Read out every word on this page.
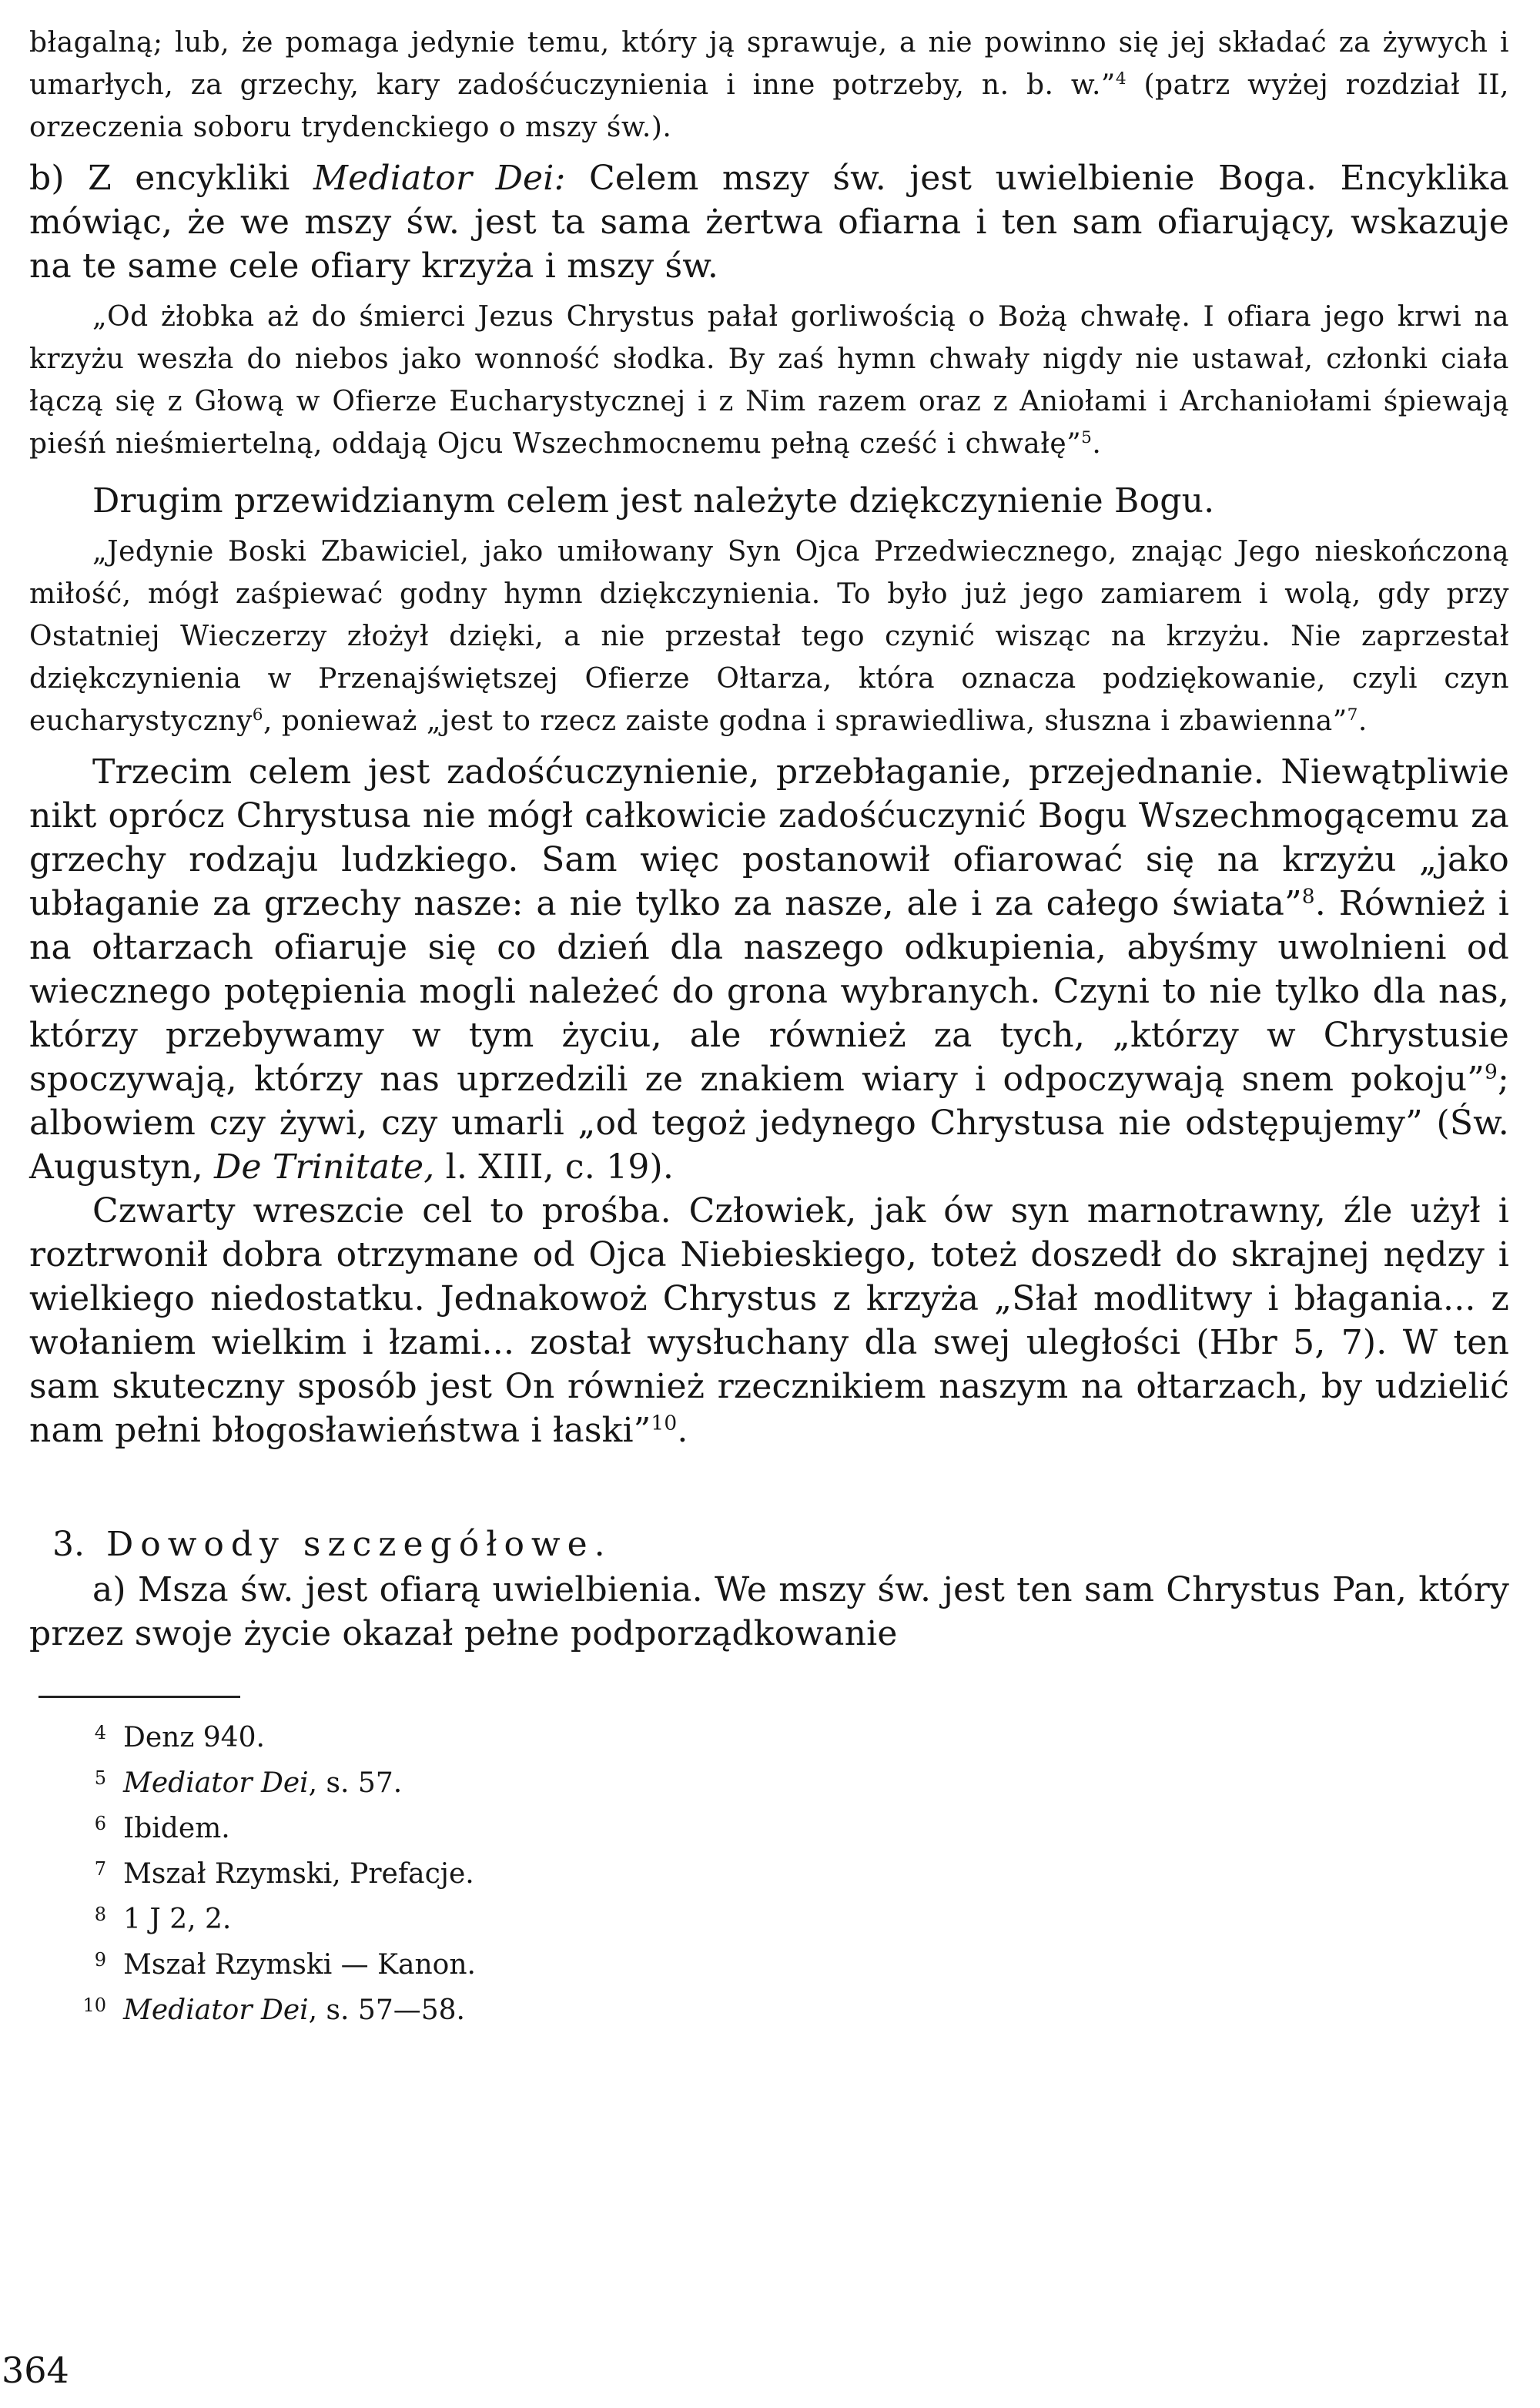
błagalną; lub, że pomaga jedynie temu, który ją sprawuje, a nie powinno się jej składać za żywych i umarłych, za grzechy, kary zadośćuczynienia i inne potrzeby, n. b. w.”$^4$ (patrz wyżej rozdział II, orzeczenia soboru trydenckiego o mszy św.).

b) Z encykliki Mediator Dei: Celem mszy św. jest uwielbienie Boga. Encyklika mówiąc, że we mszy św. jest ta sama żertwa ofiarna i ten sam ofiarujący, wskazuje na te same cele ofiary krzyża i mszy św.

„Od żłobka aż do śmierci Jezus Chrystus pałał gorliwością o Bożą chwałę. I ofiara jego krwi na krzyżu weszła do niebos jako wonność słodka. By zaś hymn chwały nigdy nie ustawał, członki ciała łączą się z Głową w Ofierze Eucharystycznej i z Nim razem oraz z Aniołami i Archaniołami śpiewają pieśń nieśmiertelną, oddają Ojcu Wszechmocnemu pełną cześć i chwałę”$^5$.

Drugim przewidzianym celem jest należyte dziękczynienie Bogu.

„Jedynie Boski Zbawiciel, jako umiłowany Syn Ojca Przedwiecznego, znając Jego nieskończoną miłość, mógł zaśpiewać godny hymn dziękczynienia. To było już jego zamiarem i wolą, gdy przy Ostatniej Wieczerzy złożył dzięki, a nie przestał tego czynić wisząc na krzyżu. Nie zaprzestał dziękczynienia w Przenajświętszej Ofierze Ołtarza, która oznacza podziękowanie, czyli czyn eucharystyczny$^6$, ponieważ „jest to rzecz zaiste godna i sprawiedliwa, słuszna i zbawienna”$^7$.

Trzecim celem jest zadośćuczynienie, przebłaganie, przejednanie. Niewątpliwie nikt oprócz Chrystusa nie mógł całkowicie zadośćuczynić Bogu Wszechmogącemu za grzechy rodzaju ludzkiego. Sam więc postanowił ofiarować się na krzyżu „jako ubłaganie za grzechy nasze: a nie tylko za nasze, ale i za całego świata”$^8$. Również i na ołtarzach ofiaruje się co dzień dla naszego odkupienia, abyśmy uwolnieni od wiecznego potępienia mogli należeć do grona wybranych. Czyni to nie tylko dla nas, którzy przebywamy w tym życiu, ale również za tych, „którzy w Chrystusie spoczywają, którzy nas uprzedzili ze znakiem wiary i odpoczywają snem pokoju”$^9$; albowiem czy żywi, czy umarli „od tegoż jedynego Chrystusa nie odstępujemy” (Św. Augustyn, De Trinitate, l. XIII, c. 19).

Czwarty wreszcie cel to prośba. Człowiek, jak ów syn marnotrawny, źle użył i roztrwonił dobra otrzymane od Ojca Niebieskiego, toteż doszedł do skrajnej nędzy i wielkiego niedostatku. Jednakowoż Chrystus z krzyża „Słał modlitwy i błagania... z wołaniem wielkim i łzami... został wysłuchany dla swej uległości (Hbr 5, 7). W ten sam skuteczny sposób jest On również rzecznikiem naszym na ołtarzach, by udzielić nam pełni błogosławieństwa i łaski”$^{10}$.

3. Dowody szczegółowe.

a) Msza św. jest ofiarą uwielbienia. We mszy św. jest ten sam Chrystus Pan, który przez swoje życie okazał pełne podporządkowanie

4 Denz 940.
5 Mediator Dei, s. 57.
6 Ibidem.
7 Mszał Rzymski, Prefacje.
8 1 J 2, 2.
9 Mszał Rzymski — Kanon.
10 Mediator Dei, s. 57—58.
364
